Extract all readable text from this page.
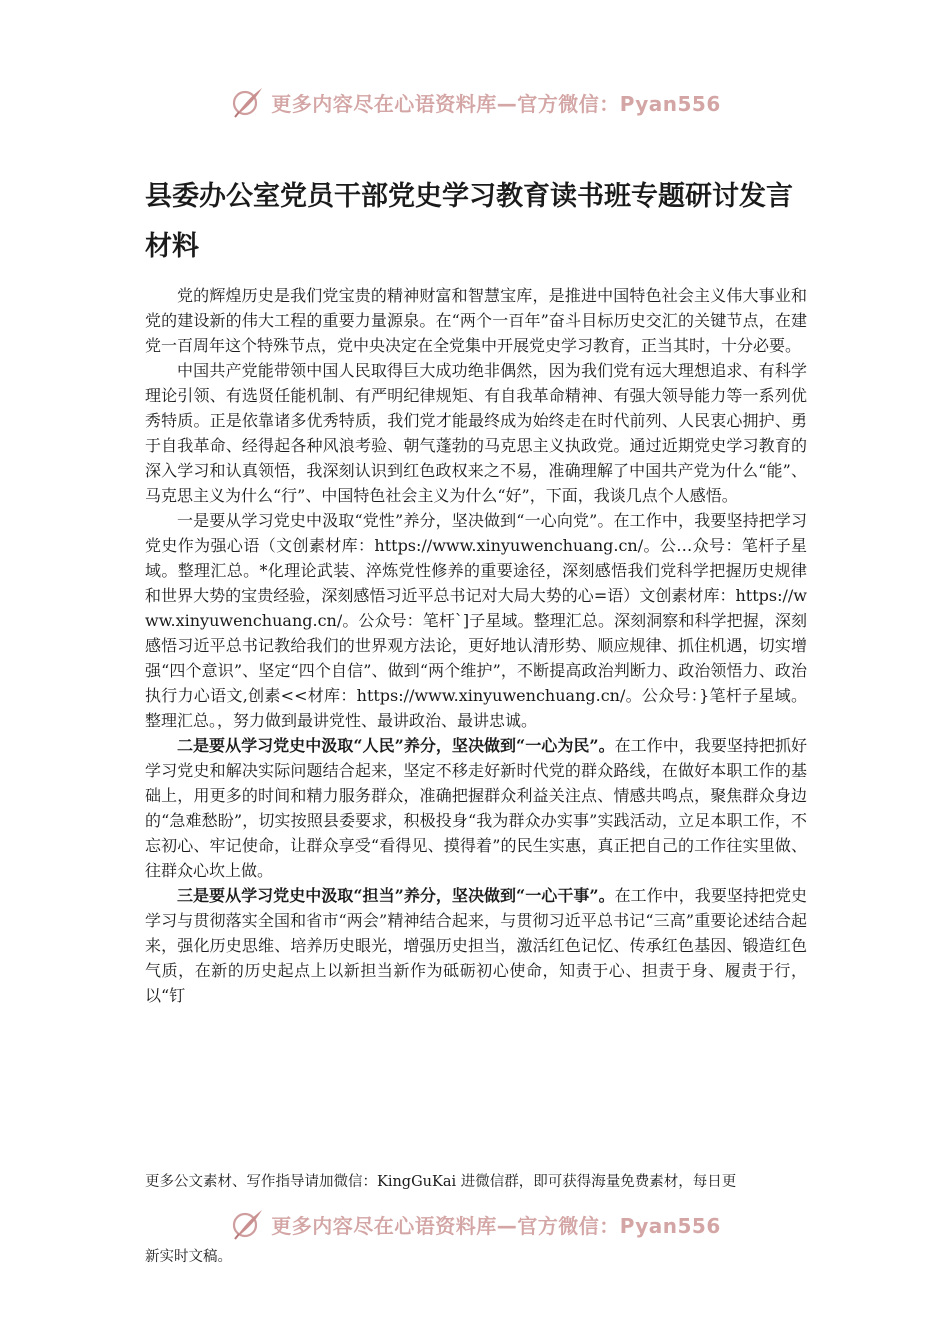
更多内容尽在心语资料库—官方微信：Pyan556
县委办公室党员干部党史学习教育读书班专题研讨发言材料

党的辉煌历史是我们党宝贵的精神财富和智慧宝库，是推进中国特色社会主义伟大事业和党的建设新的伟大工程的重要力量源泉。在“两个一百年”奋斗目标历史交汇的关键节点，在建党一百周年这个特殊节点，党中央决定在全党集中开展党史学习教育，正当其时，十分必要。

中国共产党能带领中国人民取得巨大成功绝非偶然，因为我们党有远大理想追求、有科学理论引领、有选贤任能机制、有严明纪律规矩、有自我革命精神、有强大领导能力等一系列优秀特质。正是依靠诸多优秀特质，我们党才能最终成为始终走在时代前列、人民衷心拥护、勇于自我革命、经得起各种风浪考验、朝气蓬勃的马克思主义执政党。通过近期党史学习教育的深入学习和认真领悟，我深刻认识到红色政权来之不易，准确理解了中国共产党为什么“能”、马克思主义为什么“行”、中国特色社会主义为什么“好”，下面，我谈几点个人感悟。

一是要从学习党史中汲取“党性”养分，坚决做到“一心向党”。在工作中，我要坚持把学习党史作为强心语（文创素材库：https://www.xinyuwenchuang.cn/。公…众号：笔杆子星域。整理汇总。*化理论武装、淬炼党性修养的重要途径，深刻感悟我们党科学把握历史规律和世界大势的宝贵经验，深刻感悟习近平总书记对大局大势的心=语）文创素材库：https://www.xinyuwenchuang.cn/。公众号：笔杆`]子星域。整理汇总。深刻洞察和科学把握，深刻感悟习近平总书记教给我们的世界观方法论，更好地认清形势、顺应规律、抓住机遇，切实增强“四个意识”、坚定“四个自信”、做到“两个维护”，不断提高政治判断力、政治领悟力、政治执行力心语文,创素<<材库：https://www.xinyuwenchuang.cn/。公众号：}笔杆子星域。整理汇总。，努力做到最讲党性、最讲政治、最讲忠诚。

二是要从学习党史中汲取“人民”养分，坚决做到“一心为民”。在工作中，我要坚持把抓好学习党史和解决实际问题结合起来，坚定不移走好新时代党的群众路线，在做好本职工作的基础上，用更多的时间和精力服务群众，准确把握群众利益关注点、情感共鸣点，聚焦群众身边的“急难愁盼”，切实按照县委要求，积极投身“我为群众办实事”实践活动，立足本职工作，不忘初心、牢记使命，让群众享受“看得见、摸得着”的民生实惠，真正把自己的工作往实里做、往群众心坎上做。

三是要从学习党史中汲取“担当”养分，坚决做到“一心干事”。在工作中，我要坚持把党史学习与贯彻落实全国和省市“两会”精神结合起来，与贯彻习近平总书记“三高”重要论述结合起来，强化历史思维、培养历史眼光，增强历史担当，激活红色记忆、传承红色基因、锻造红色气质，在新的历史起点上以新担当新作为砥砺初心使命，知责于心、担责于身、履责于行，以“钉

更多公文素材、写作指导请加微信：KingGuKai 进微信群，即可获得海量免费素材，每日更
更多内容尽在心语资料库—官方微信：Pyan556
新实时文稿。
